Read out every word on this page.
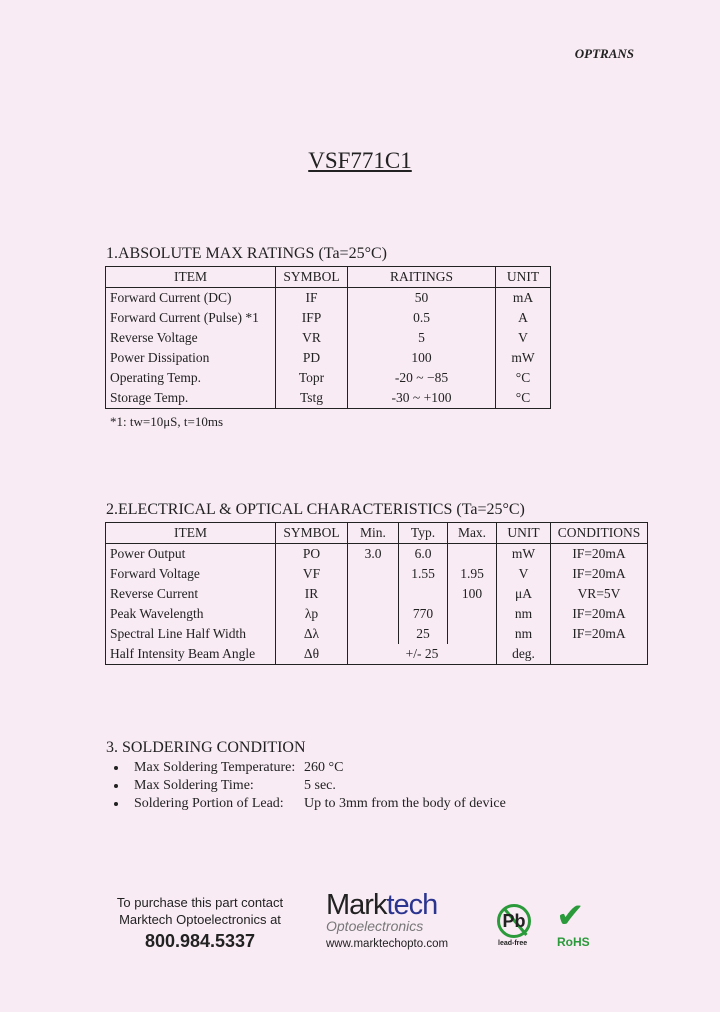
OPTRANS
VSF771C1
1.ABSOLUTE MAX RATINGS (Ta=25°C)
ITEM	SYMBOL	RAITINGS	UNIT
Forward Current (DC)	IF	50	mA
Forward Current (Pulse) *1	IFP	0.5	A
Reverse Voltage	VR	5	V
Power Dissipation	PD	100	mW
Operating Temp.	Topr	-20 ~ −85	°C
Storage Temp.	Tstg	-30 ~ +100	°C
*1: tw=10μS, t=10ms
2.ELECTRICAL & OPTICAL CHARACTERISTICS (Ta=25°C)
ITEM	SYMBOL	Min.	Typ.	Max.	UNIT	CONDITIONS
Power Output	PO	3.0	6.0		mW	IF=20mA
Forward Voltage	VF		1.55	1.95	V	IF=20mA
Reverse Current	IR			100	μA	VR=5V
Peak Wavelength	λp		770		nm	IF=20mA
Spectral Line Half Width	Δλ		25		nm	IF=20mA
Half Intensity Beam Angle	Δθ	+/- 25			deg.	
3. SOLDERING CONDITION
• Max Soldering Temperature: 260 °C
• Max Soldering Time:	5 sec.
• Soldering Portion of Lead: Up to 3mm from the body of device
To purchase this part contact
Marktech Optoelectronics at
800.984.5337
Marktech
Optoelectronics
www.marktechopto.com
Pb
lead-free
✔
RoHS
